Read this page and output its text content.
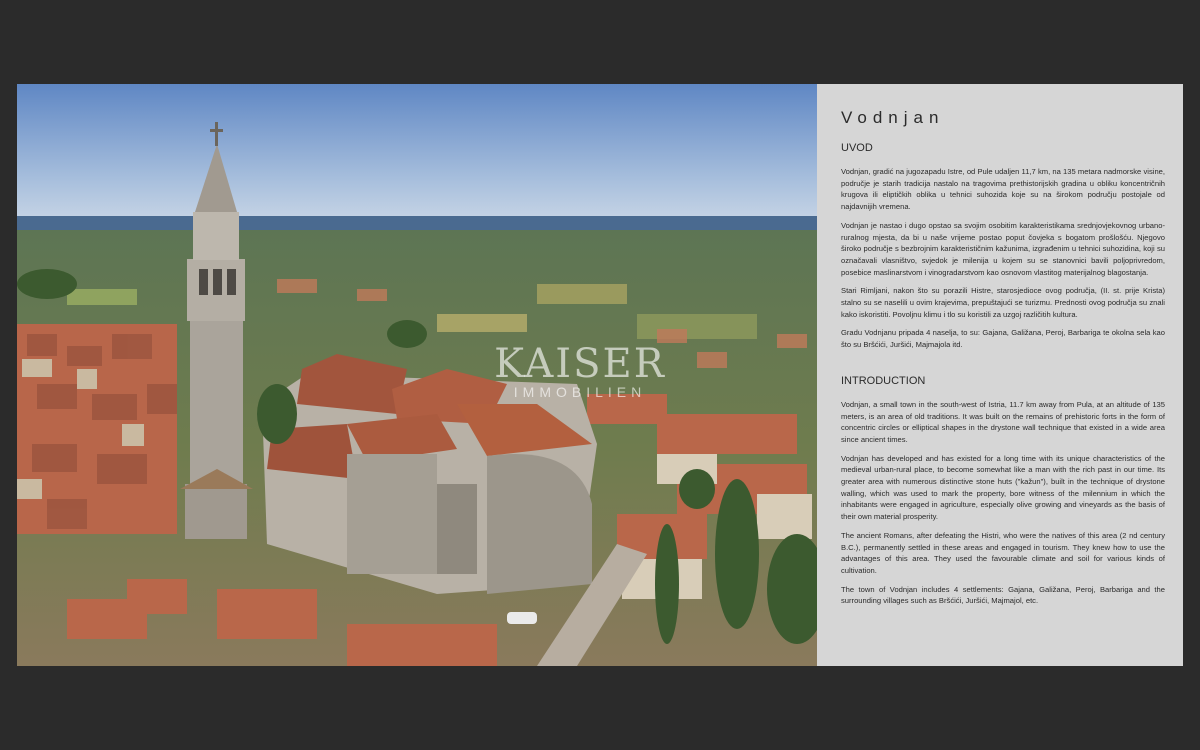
KAISER
IMMOBILIEN
Vodnjan
UVOD

Vodnjan, gradić na jugozapadu Istre, od Pule udaljen 11,7 km, na 135 metara nadmorske visine, područje je starih tradicija nastalo na tragovima prethistorijskih gradina u obliku koncentričnih krugova ili eliptičkih oblika u tehnici suhozida koje su na širokom području postojale od najdavnijih vremena.

Vodnjan je nastao i dugo opstao sa svojim osobitim karakteristikama srednjovjekovnog urbano-ruralnog mjesta, da bi u naše vrijeme postao poput čovjeka s bogatom prošlošću. Njegovo široko područje s bezbrojnim karakterističnim kažunima, izgrađenim u tehnici suhozidina, koji su označavali vlasništvo, svjedok je milenija u kojem su se stanovnici bavili poljoprivredom, posebice maslinarstvom i vinogradarstvom kao osnovom vlastitog materijalnog blagostanja.

Stari Rimljani, nakon što su porazili Histre, starosjedioce ovog područja, (II. st. prije Krista) stalno su se naselili u ovim krajevima, prepuštajući se turizmu. Prednosti ovog područja su znali kako iskoristiti. Povoljnu klimu i tlo su koristili za uzgoj različitih kultura.

Gradu Vodnjanu pripada 4 naselja, to su: Gajana, Galižana, Peroj, Barbariga te okolna sela kao što su Bršćići, Juršići, Majmajola itd.

INTRODUCTION

Vodnjan, a small town in the south-west of Istria, 11.7 km away from Pula, at an altitude of 135 meters, is an area of old traditions. It was built on the remains of prehistoric forts in the form of concentric circles or elliptical shapes in the drystone wall technique that existed in a wide area since ancient times.

Vodnjan has developed and has existed for a long time with its unique characteristics of the medieval urban-rural place, to become somewhat like a man with the rich past in our time. Its greater area with numerous distinctive stone huts ("kažun"), built in the technique of drystone walling, which was used to mark the property, bore witness of the milennium in which the inhabitants were engaged in agriculture, especially olive growing and vineyards as the basis of their own material prosperity.

The ancient Romans, after defeating the Histri, who were the natives of this area (2 nd century B.C.), permanently settled in these areas and engaged in tourism. They knew how to use the advantages of this area. They used the favourable climate and soil for various kinds of cultivation.

The town of Vodnjan includes 4 settlements: Gajana, Galižana, Peroj, Barbariga and the surrounding villages such as Bršćići, Juršići, Majmajol, etc.
